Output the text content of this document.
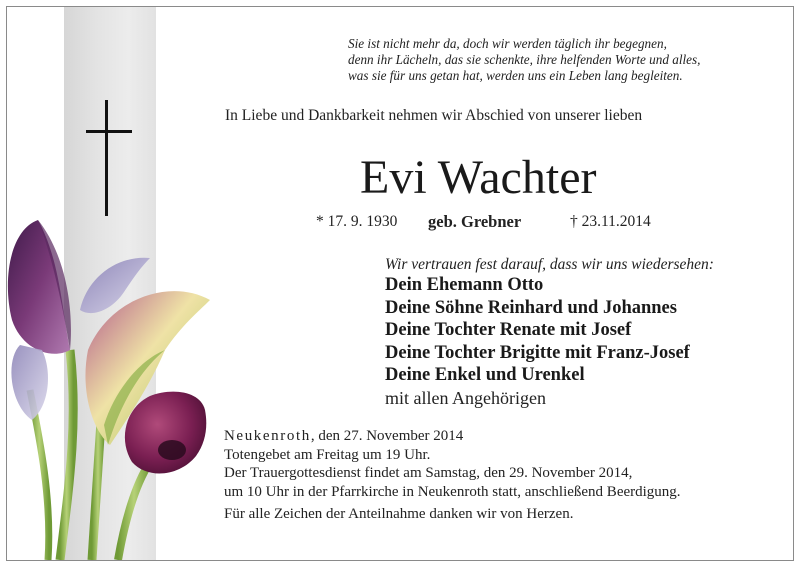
Sie ist nicht mehr da, doch wir werden täglich ihr begegnen,
denn ihr Lächeln, das sie schenkte, ihre helfenden Worte und alles,
was sie für uns getan hat, werden uns ein Leben lang begleiten.
In Liebe und Dankbarkeit nehmen wir Abschied von unserer lieben
Evi Wachter
* 17. 9. 1930 geb. Grebner	† 23.11.2014
Wir vertrauen fest darauf, dass wir uns wiedersehen:
Dein Ehemann Otto
Deine Söhne Reinhard und Johannes
Deine Tochter Renate mit Josef
Deine Tochter Brigitte mit Franz-Josef
Deine Enkel und Urenkel
mit allen Angehörigen
Neukenroth, den 27. November 2014
Totengebet am Freitag um 19 Uhr.
Der Trauergottesdienst findet am Samstag, den 29. November 2014,
um 10 Uhr in der Pfarrkirche in Neukenroth statt, anschließend Beerdigung.
Für alle Zeichen der Anteilnahme danken wir von Herzen.
